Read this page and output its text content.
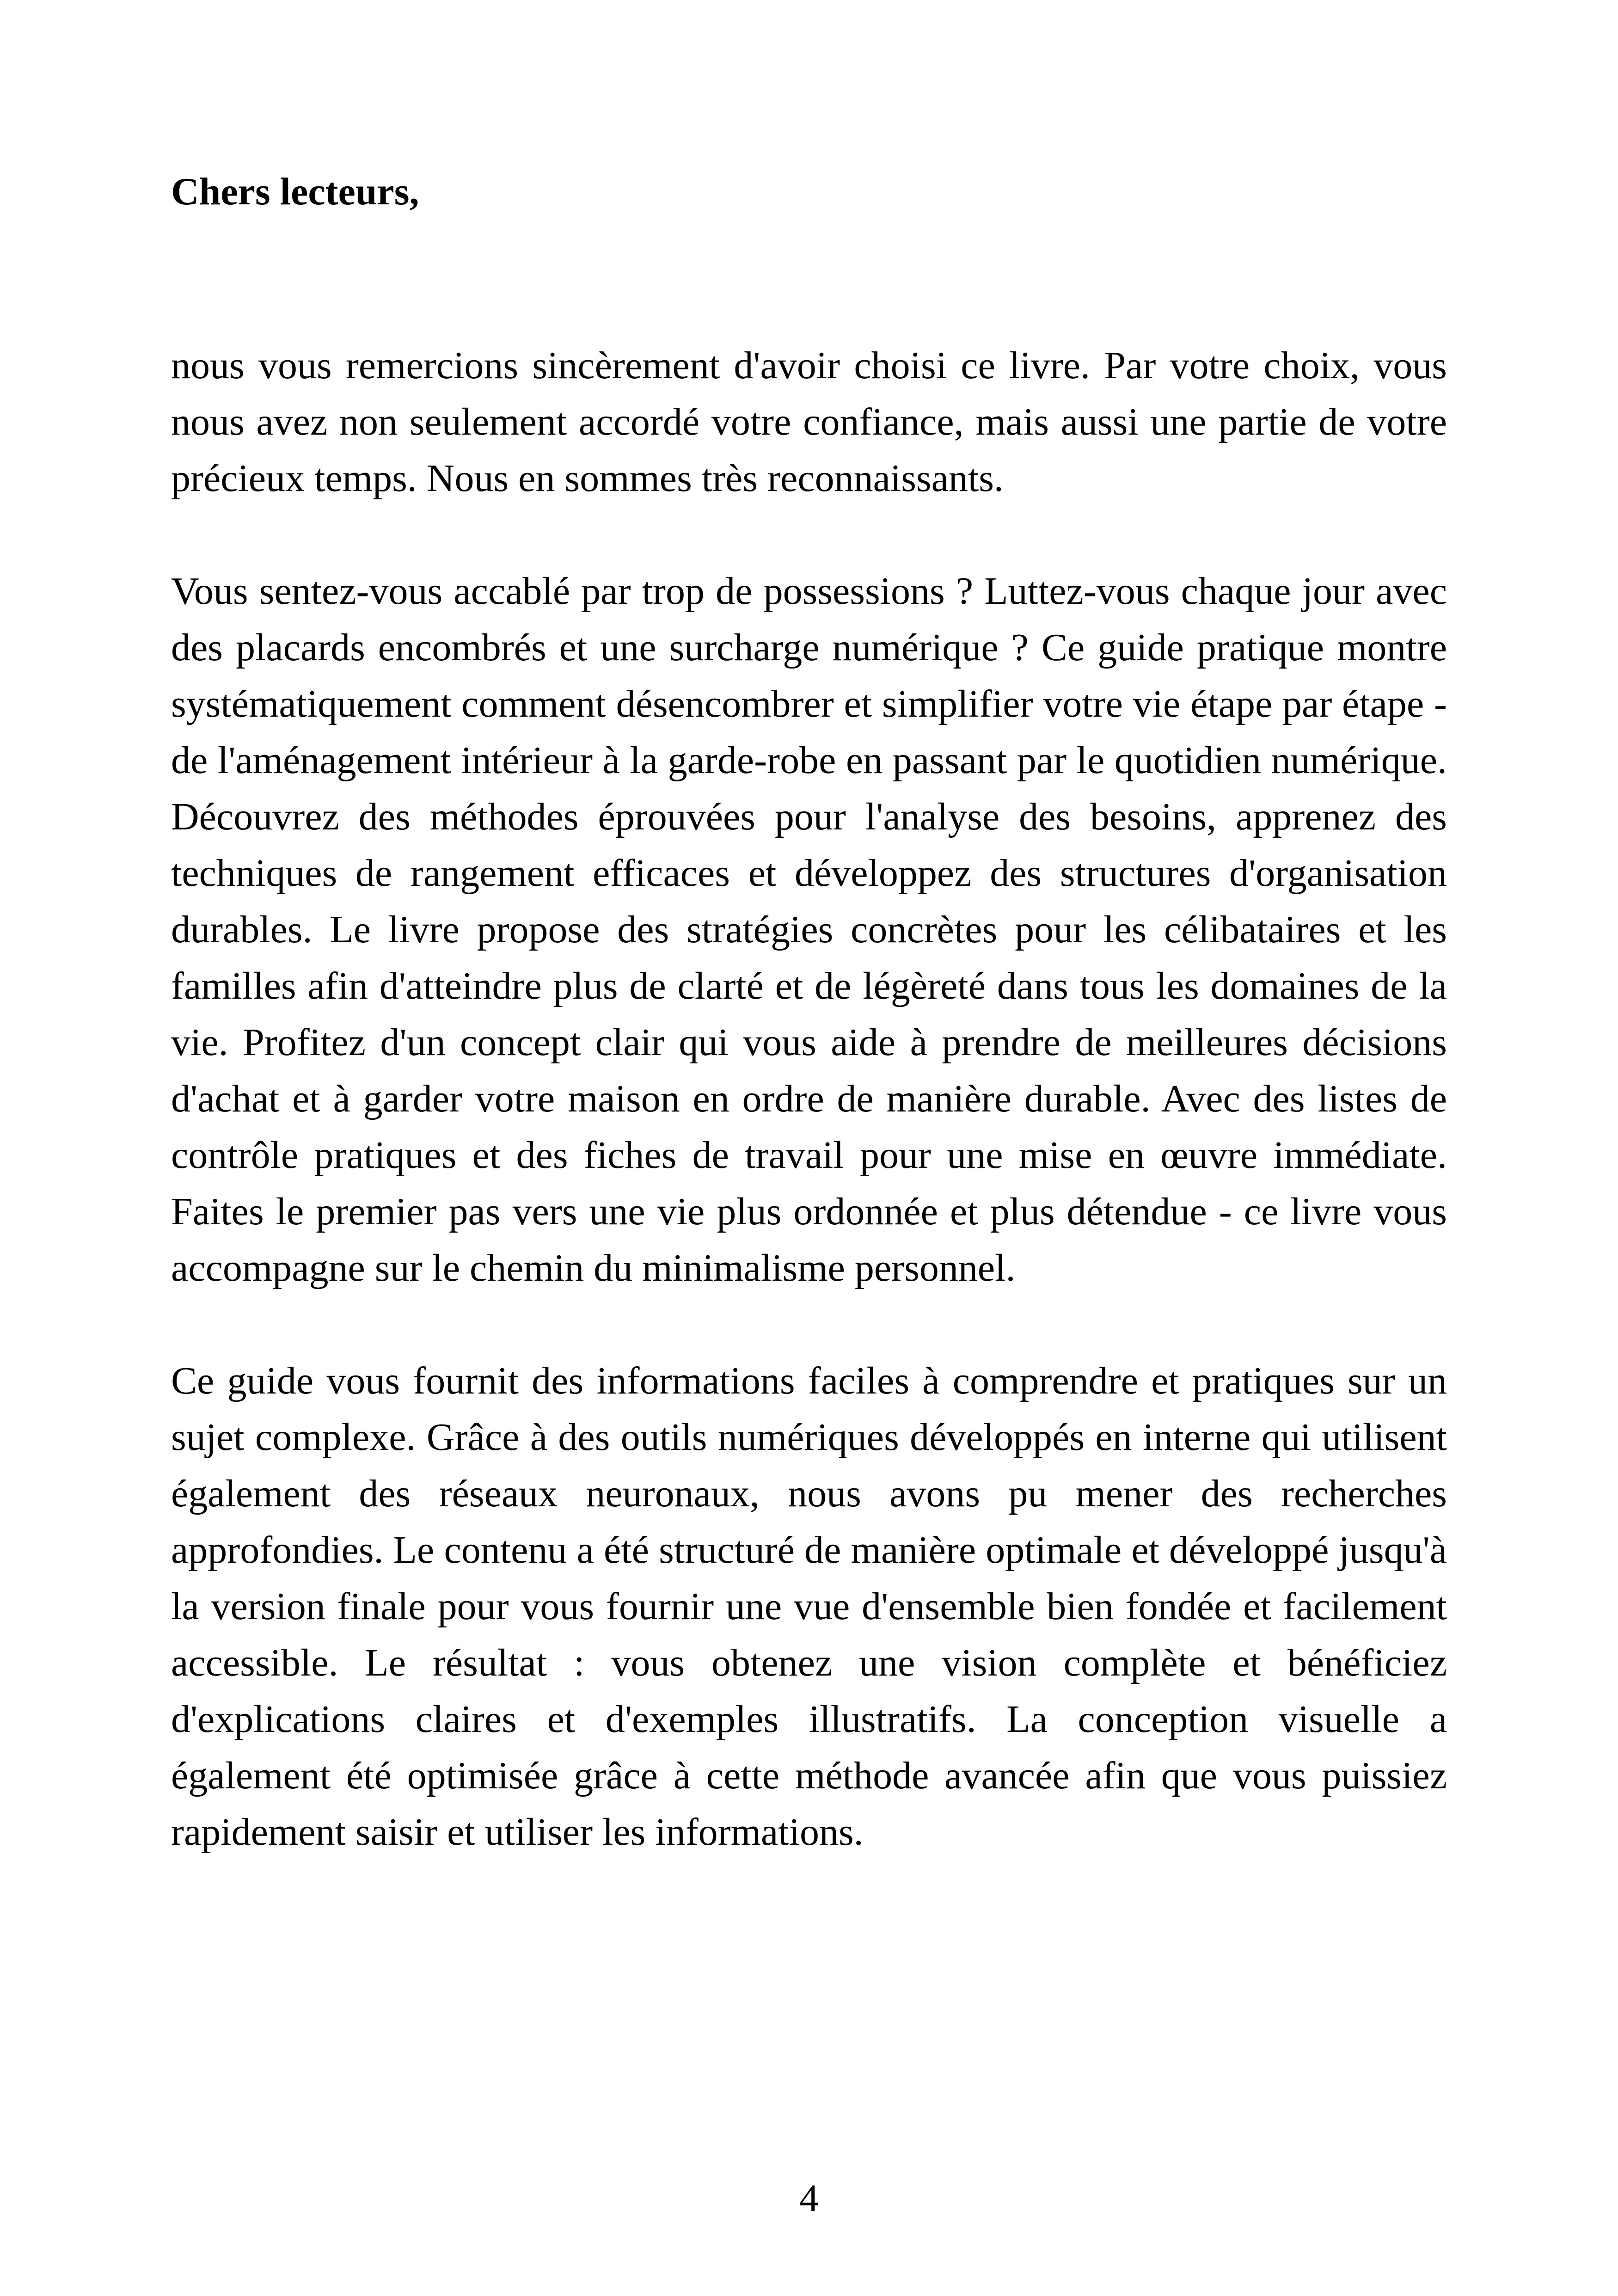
Chers lecteurs,

nous vous remercions sincèrement d'avoir choisi ce livre. Par votre choix, vous nous avez non seulement accordé votre confiance, mais aussi une partie de votre précieux temps. Nous en sommes très reconnaissants.

Vous sentez-vous accablé par trop de possessions ? Luttez-vous chaque jour avec des placards encombrés et une surcharge numérique ? Ce guide pratique montre systématiquement comment désencombrer et simplifier votre vie étape par étape - de l'aménagement intérieur à la garde-robe en passant par le quotidien numérique. Découvrez des méthodes éprouvées pour l'analyse des besoins, apprenez des techniques de rangement efficaces et développez des structures d'organisation durables. Le livre propose des stratégies concrètes pour les célibataires et les familles afin d'atteindre plus de clarté et de légèreté dans tous les domaines de la vie. Profitez d'un concept clair qui vous aide à prendre de meilleures décisions d'achat et à garder votre maison en ordre de manière durable. Avec des listes de contrôle pratiques et des fiches de travail pour une mise en œuvre immédiate. Faites le premier pas vers une vie plus ordonnée et plus détendue - ce livre vous accompagne sur le chemin du minimalisme personnel.

Ce guide vous fournit des informations faciles à comprendre et pratiques sur un sujet complexe. Grâce à des outils numériques développés en interne qui utilisent également des réseaux neuronaux, nous avons pu mener des recherches approfondies. Le contenu a été structuré de manière optimale et développé jusqu'à la version finale pour vous fournir une vue d'ensemble bien fondée et facilement accessible. Le résultat : vous obtenez une vision complète et bénéficiez d'explications claires et d'exemples illustratifs. La conception visuelle a également été optimisée grâce à cette méthode avancée afin que vous puissiez rapidement saisir et utiliser les informations.

4
